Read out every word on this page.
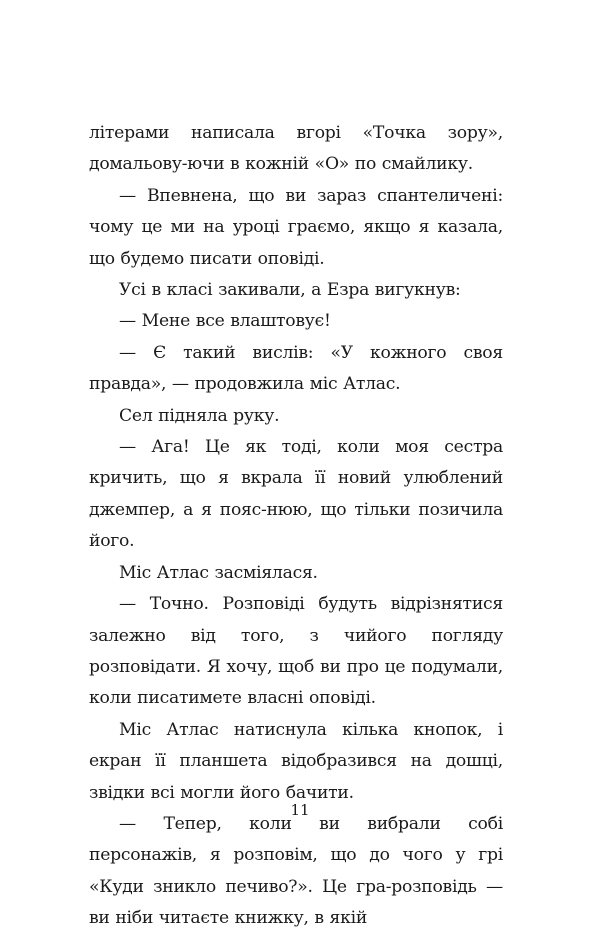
літерами написала вгорі «Точка зору», домальову-ючи в кожній «О» по смайлику.

— Впевнена, що ви зараз спантеличені: чому це ми на уроці граємо, якщо я казала, що будемо писати оповіді.

Усі в класі закивали, а Езра вигукнув:

— Мене все влаштовує!

— Є такий вислів: «У кожного своя правда», — продовжила міс Атлас.

Сел підняла руку.

— Ага! Це як тоді, коли моя сестра кричить, що я вкрала її новий улюблений джемпер, а я пояс-нюю, що тільки позичила його.

Міс Атлас засміялася.

— Точно. Розповіді будуть відрізнятися залежно від того, з чийого погляду розповідати. Я хочу, щоб ви про це подумали, коли писатимете власні оповіді.

Міс Атлас натиснула кілька кнопок, і екран її планшета відобразився на дошці, звідки всі могли його бачити.

— Тепер, коли ви вибрали собі персонажів, я розповім, що до чого у грі «Куди зникло печиво?». Це гра-розповідь — ви ніби читаєте книжку, в якій

11
